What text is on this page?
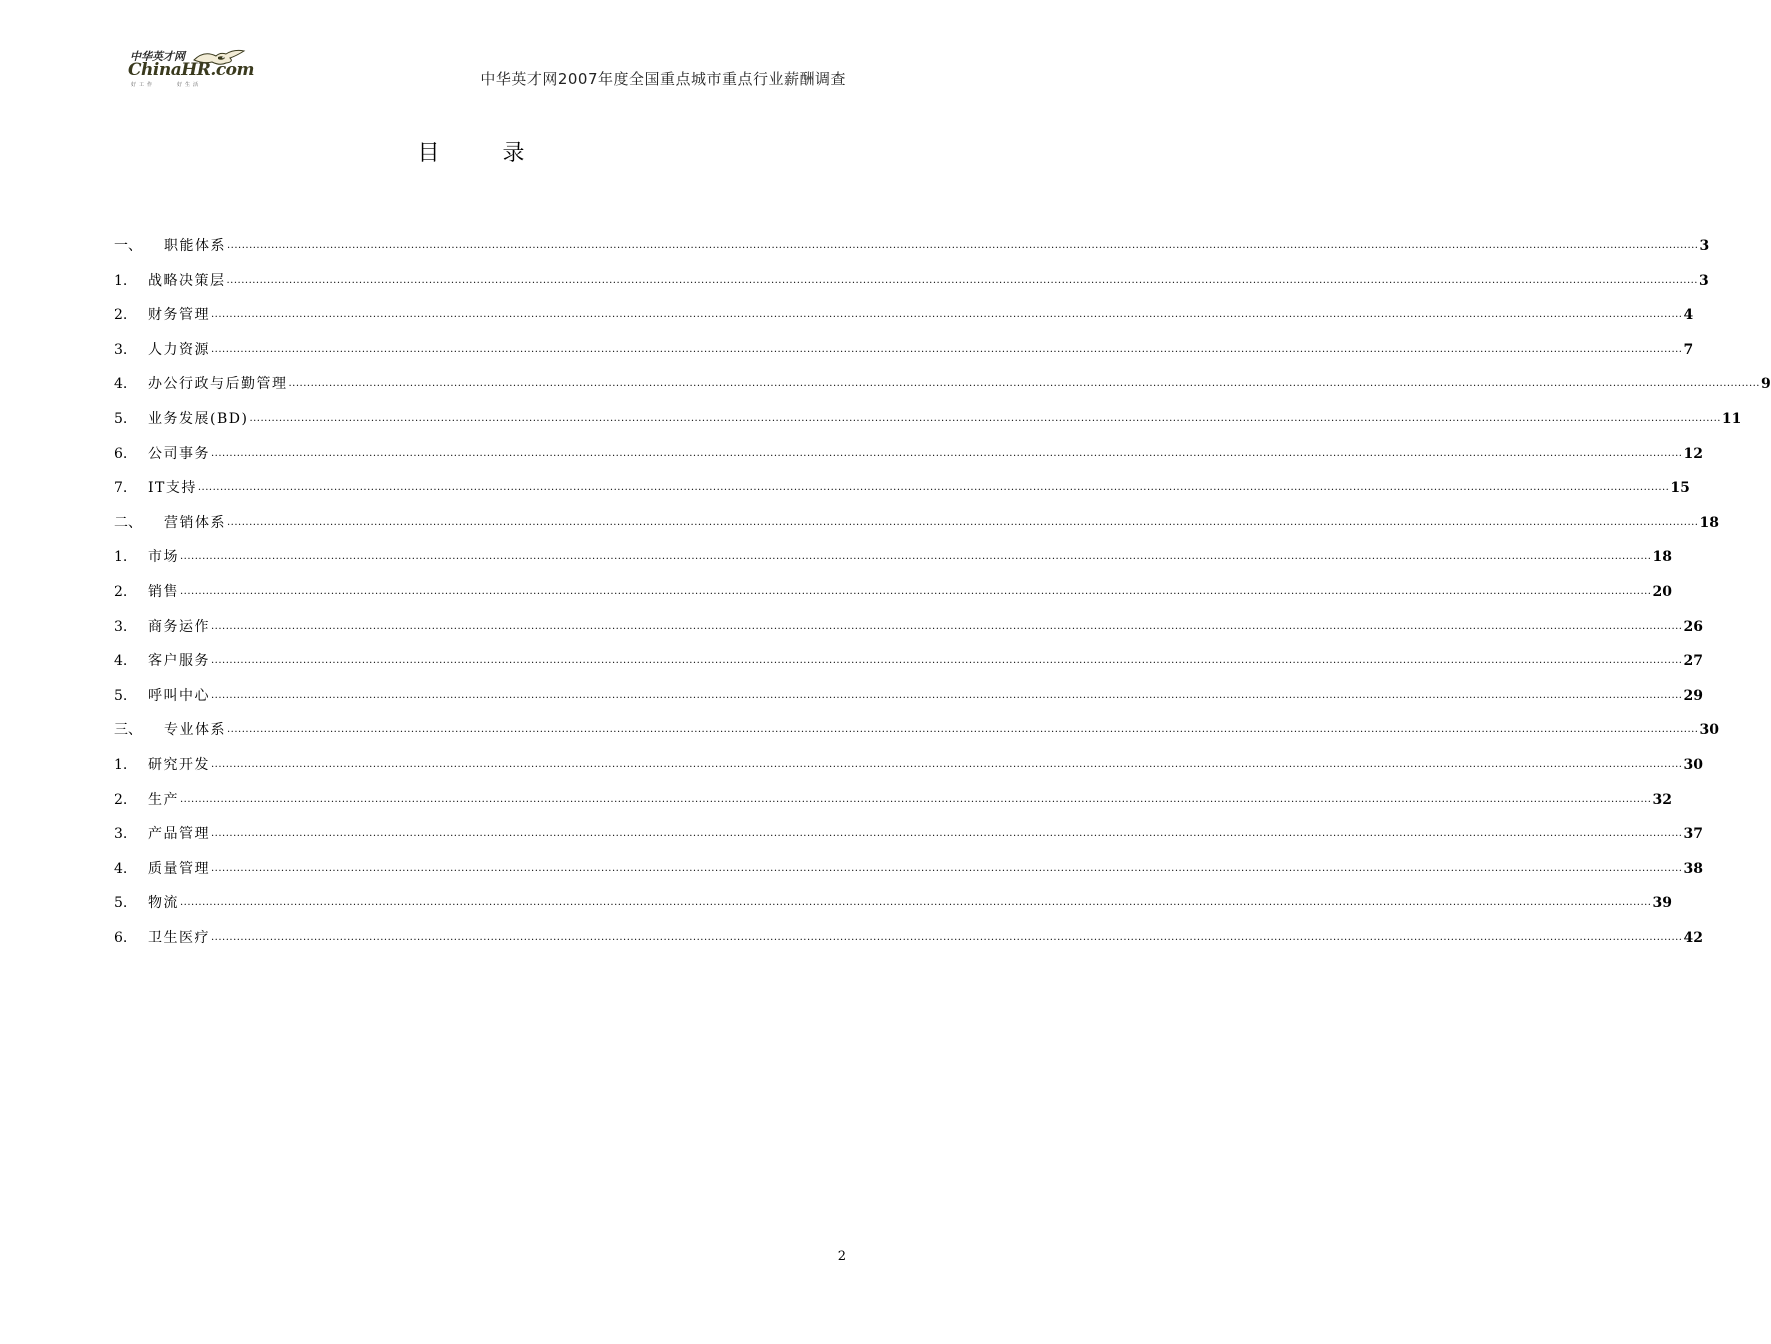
中华英才网
ChinaHR.com
好工作	好生活	中华英才网2007年度全国重点城市重点行业薪酬调查
目 录
一、	职能体系 ................................................................................................................................................................................................................................................................................................................................................................................................................ 3
1.	战略决策层 ................................................................................................................................................................................................................................................................................................................................................................................................................ 3
2.	财务管理 ................................................................................................................................................................................................................................................................................................................................................................................................................ 4
3.	人力资源 ................................................................................................................................................................................................................................................................................................................................................................................................................ 7
4.	办公行政与后勤管理 ................................................................................................................................................................................................................................................................................................................................................................................................................ 9
5.	业务发展(BD) ................................................................................................................................................................................................................................................................................................................................................................................................................ 11
6.	公司事务 ................................................................................................................................................................................................................................................................................................................................................................................................................ 12
7.	IT支持 ................................................................................................................................................................................................................................................................................................................................................................................................................ 15
二、	营销体系 ................................................................................................................................................................................................................................................................................................................................................................................................................ 18
1.	市场 ................................................................................................................................................................................................................................................................................................................................................................................................................ 18
2.	销售 ................................................................................................................................................................................................................................................................................................................................................................................................................ 20
3.	商务运作 ................................................................................................................................................................................................................................................................................................................................................................................................................ 26
4.	客户服务 ................................................................................................................................................................................................................................................................................................................................................................................................................ 27
5.	呼叫中心 ................................................................................................................................................................................................................................................................................................................................................................................................................ 29
三、	专业体系 ................................................................................................................................................................................................................................................................................................................................................................................................................ 30
1.	研究开发 ................................................................................................................................................................................................................................................................................................................................................................................................................ 30
2.	生产 ................................................................................................................................................................................................................................................................................................................................................................................................................ 32
3.	产品管理 ................................................................................................................................................................................................................................................................................................................................................................................................................ 37
4.	质量管理 ................................................................................................................................................................................................................................................................................................................................................................................................................ 38
5.	物流 ................................................................................................................................................................................................................................................................................................................................................................................................................ 39
6.	卫生医疗 ................................................................................................................................................................................................................................................................................................................................................................................................................ 42
2
